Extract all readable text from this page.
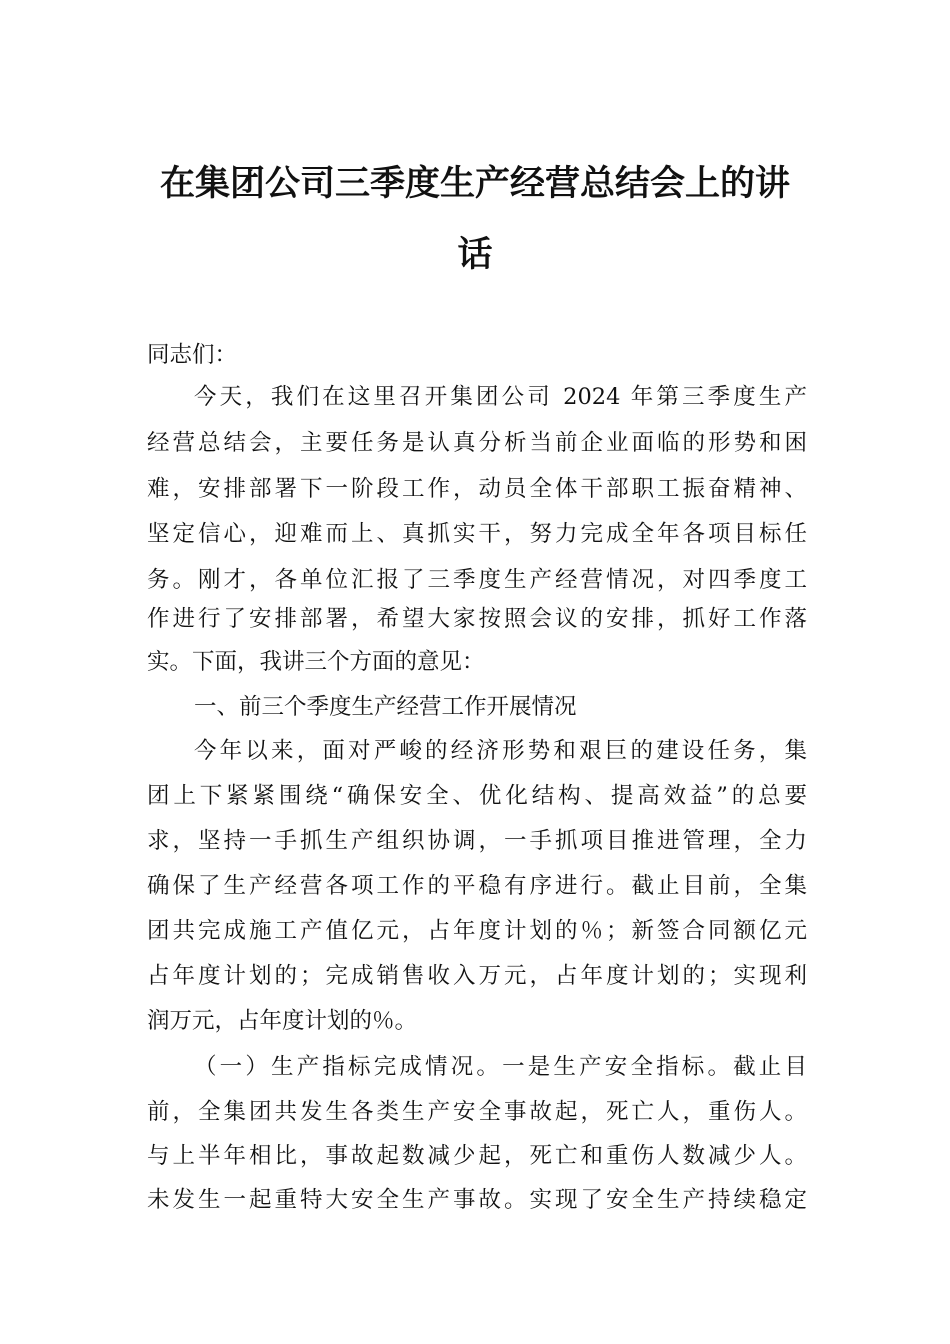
在集团公司三季度生产经营总结会上的讲
话

同志们：

今天，我们在这里召开集团公司 2024 年第三季度生产

经营总结会，主要任务是认真分析当前企业面临的形势和困

难，安排部署下一阶段工作，动员全体干部职工振奋精神、

坚定信心，迎难而上、真抓实干，努力完成全年各项目标任

务。刚才，各单位汇报了三季度生产经营情况，对四季度工

作进行了安排部署，希望大家按照会议的安排，抓好工作落

实。下面，我讲三个方面的意见：

一、前三个季度生产经营工作开展情况

今年以来，面对严峻的经济形势和艰巨的建设任务，集

团上下紧紧围绕“确保安全、优化结构、提高效益”的总要

求，坚持一手抓生产组织协调，一手抓项目推进管理，全力

确保了生产经营各项工作的平稳有序进行。截止目前，全集

团共完成施工产值亿元，占年度计划的％；新签合同额亿元

占年度计划的；完成销售收入万元，占年度计划的；实现利

润万元，占年度计划的％。

（一）生产指标完成情况。一是生产安全指标。截止目

前，全集团共发生各类生产安全事故起，死亡人，重伤人。

与上半年相比，事故起数减少起，死亡和重伤人数减少人。

未发生一起重特大安全生产事故。实现了安全生产持续稳定
